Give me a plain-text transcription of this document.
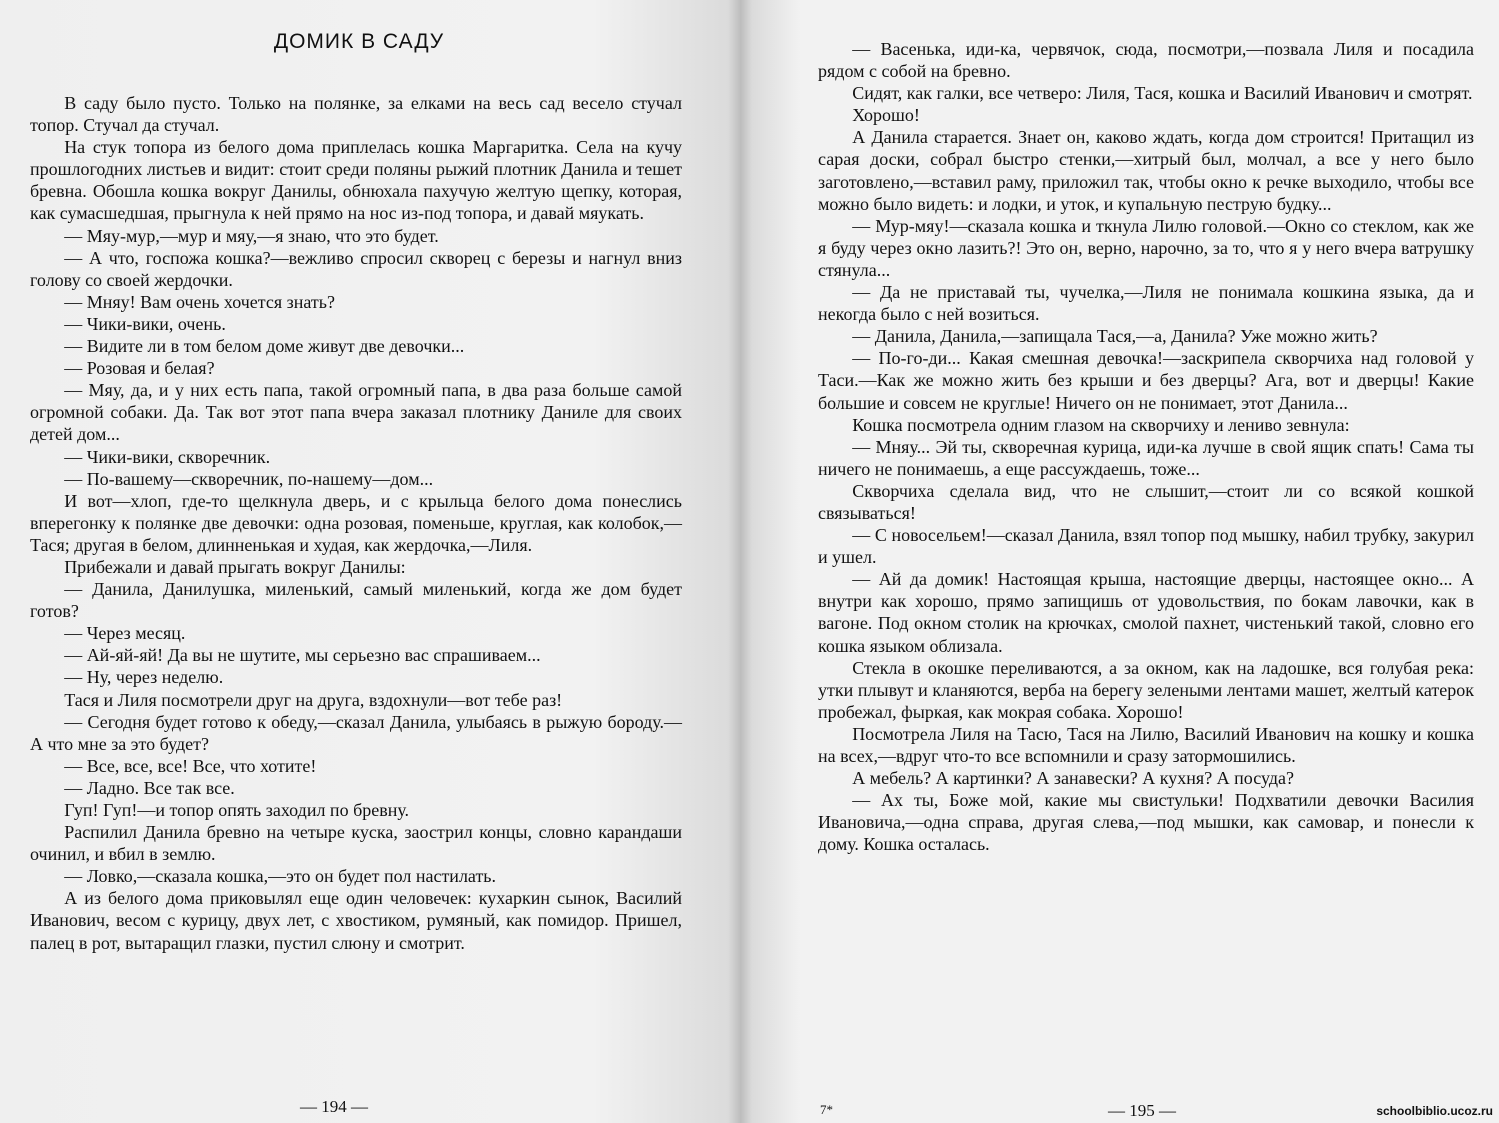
ДОМИК В САДУ

В саду было пусто. Только на полянке, за елками на весь сад весело стучал топор. Стучал да стучал.

На стук топора из белого дома приплелась кошка Маргаритка. Села на кучу прошлогодних листьев и видит: стоит среди поляны рыжий плотник Данила и тешет бревна. Обошла кошка вокруг Данилы, обнюхала пахучую желтую щепку, которая, как сумасшедшая, прыгнула к ней прямо на нос из-под топора, и давай мяукать.

— Мяу-мур,—мур и мяу,—я знаю, что это будет.

— А что, госпожа кошка?—вежливо спросил скворец с березы и нагнул вниз голову со своей жердочки.

— Мняу! Вам очень хочется знать?

— Чики-вики, очень.

— Видите ли в том белом доме живут две девочки...

— Розовая и белая?

— Мяу, да, и у них есть папа, такой огромный папа, в два раза больше самой огромной собаки. Да. Так вот этот папа вчера заказал плотнику Даниле для своих детей дом...

— Чики-вики, скворечник.

— По-вашему—скворечник, по-нашему—дом...

И вот—хлоп, где-то щелкнула дверь, и с крыльца белого дома понеслись вперегонку к полянке две девочки: одна розовая, поменьше, круглая, как колобок,—Тася; другая в белом, длинненькая и худая, как жердочка,—Лиля.

Прибежали и давай прыгать вокруг Данилы:

— Данила, Данилушка, миленький, самый миленький, когда же дом будет готов?

— Через месяц.

— Ай-яй-яй! Да вы не шутите, мы серьезно вас спрашиваем...

— Ну, через неделю.

Тася и Лиля посмотрели друг на друга, вздохнули—вот тебе раз!

— Сегодня будет готово к обеду,—сказал Данила, улыбаясь в рыжую бороду.—А что мне за это будет?

— Все, все, все! Все, что хотите!

— Ладно. Все так все.

Гуп! Гуп!—и топор опять заходил по бревну.

Распилил Данила бревно на четыре куска, заострил концы, словно карандаши очинил, и вбил в землю.

— Ловко,—сказала кошка,—это он будет пол настилать.

А из белого дома приковылял еще один человечек: кухаркин сынок, Василий Иванович, весом с курицу, двух лет, с хвостиком, румяный, как помидор. Пришел, палец в рот, вытаращил глазки, пустил слюну и смотрит.

— 194 —

— Васенька, иди-ка, червячок, сюда, посмотри,—позвала Лиля и посадила рядом с собой на бревно.

Сидят, как галки, все четверо: Лиля, Тася, кошка и Василий Иванович и смотрят.

Хорошо!

А Данила старается. Знает он, каково ждать, когда дом строится! Притащил из сарая доски, собрал быстро стенки,—хитрый был, молчал, а все у него было заготовлено,—вставил раму, приложил так, чтобы окно к речке выходило, чтобы все можно было видеть: и лодки, и уток, и купальную пеструю будку...

— Мур-мяу!—сказала кошка и ткнула Лилю головой.—Окно со стеклом, как же я буду через окно лазить?! Это он, верно, нарочно, за то, что я у него вчера ватрушку стянула...

— Да не приставай ты, чучелка,—Лиля не понимала кошкина языка, да и некогда было с ней возиться.

— Данила, Данила,—запищала Тася,—а, Данила? Уже можно жить?

— По-го-ди... Какая смешная девочка!—заскрипела скворчиха над головой у Таси.—Как же можно жить без крыши и без дверцы? Ага, вот и дверцы! Какие большие и совсем не круглые! Ничего он не понимает, этот Данила...

Кошка посмотрела одним глазом на скворчиху и лениво зевнула:

— Мняу... Эй ты, скворечная курица, иди-ка лучше в свой ящик спать! Сама ты ничего не понимаешь, а еще рассуждаешь, тоже...

Скворчиха сделала вид, что не слышит,—стоит ли со всякой кошкой связываться!

— С новосельем!—сказал Данила, взял топор под мышку, набил трубку, закурил и ушел.

— Ай да домик! Настоящая крыша, настоящие дверцы, настоящее окно... А внутри как хорошо, прямо запищишь от удовольствия, по бокам лавочки, как в вагоне. Под окном столик на крючках, смолой пахнет, чистенький такой, словно его кошка языком облизала.

Стекла в окошке переливаются, а за окном, как на ладошке, вся голубая река: утки плывут и кланяются, верба на берегу зелеными лентами машет, желтый катерок пробежал, фыркая, как мокрая собака. Хорошо!

Посмотрела Лиля на Тасю, Тася на Лилю, Василий Иванович на кошку и кошка на всех,—вдруг что-то все вспомнили и сразу затормошились.

А мебель? А картинки? А занавески? А кухня? А посуда?

— Ах ты, Боже мой, какие мы свистульки! Подхватили девочки Василия Ивановича,—одна справа, другая слева,—под мышки, как самовар, и понесли к дому. Кошка осталась.

7*	— 195 —	schoolbiblio.ucoz.ru
